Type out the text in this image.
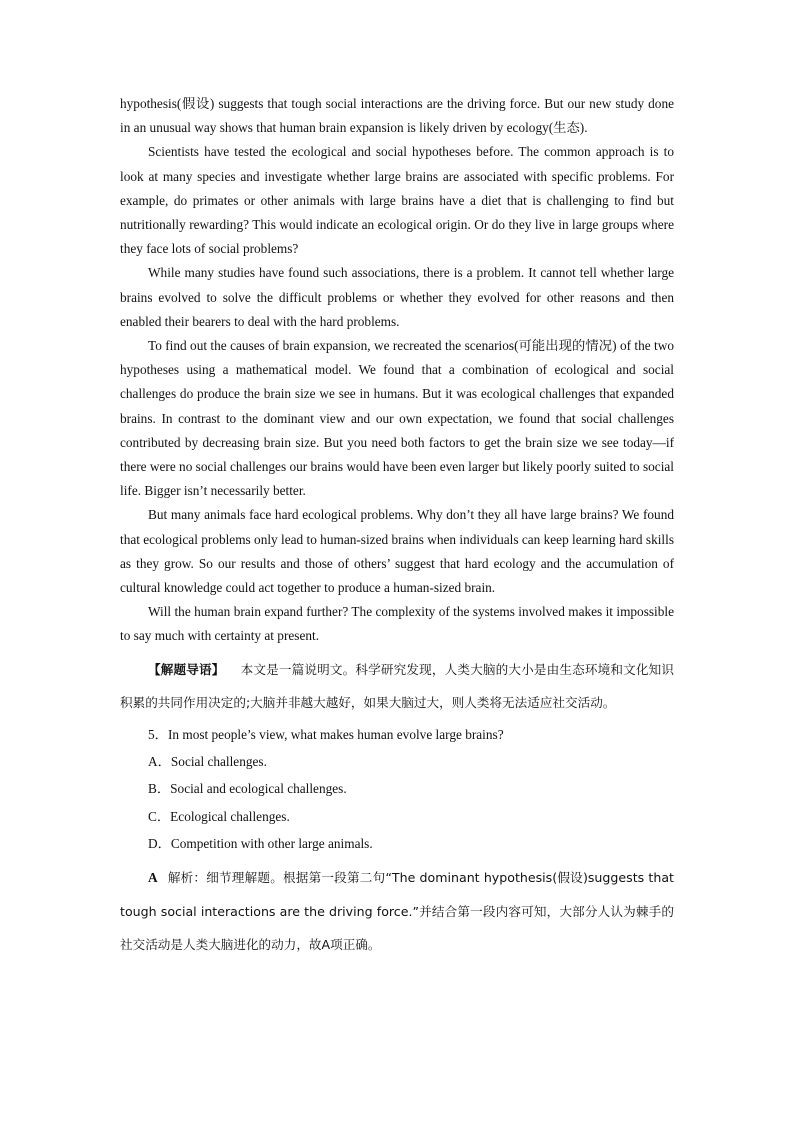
hypothesis(假设) suggests that tough social interactions are the driving force. But our new study done in an unusual way shows that human brain expansion is likely driven by ecology(生态).

Scientists have tested the ecological and social hypotheses before. The common approach is to look at many species and investigate whether large brains are associated with specific problems. For example, do primates or other animals with large brains have a diet that is challenging to find but nutritionally rewarding? This would indicate an ecological origin. Or do they live in large groups where they face lots of social problems?

While many studies have found such associations, there is a problem. It cannot tell whether large brains evolved to solve the difficult problems or whether they evolved for other reasons and then enabled their bearers to deal with the hard problems.

To find out the causes of brain expansion, we recreated the scenarios(可能出现的情况) of the two hypotheses using a mathematical model. We found that a combination of ecological and social challenges do produce the brain size we see in humans. But it was ecological challenges that expanded brains. In contrast to the dominant view and our own expectation, we found that social challenges contributed by decreasing brain size. But you need both factors to get the brain size we see today—if there were no social challenges our brains would have been even larger but likely poorly suited to social life. Bigger isn’t necessarily better.

But many animals face hard ecological problems. Why don’t they all have large brains? We found that ecological problems only lead to human-sized brains when individuals can keep learning hard skills as they grow. So our results and those of others’ suggest that hard ecology and the accumulation of cultural knowledge could act together to produce a human-sized brain.

Will the human brain expand further? The complexity of the systems involved makes it impossible to say much with certainty at present.

【解题导语】 本文是一篇说明文。科学研究发现，人类大脑的大小是由生态环境和文化知识积累的共同作用决定的;大脑并非越大越好，如果大脑过大，则人类将无法适应社交活动。

5．In most people’s view, what makes human evolve large brains?

A．Social challenges.

B．Social and ecological challenges.

C．Ecological challenges.

D．Competition with other large animals.

A 解析：细节理解题。根据第一段第二句“The dominant hypothesis(假设)suggests that tough social interactions are the driving force.”并结合第一段内容可知，大部分人认为棘手的社交活动是人类大脑进化的动力，故A项正确。
